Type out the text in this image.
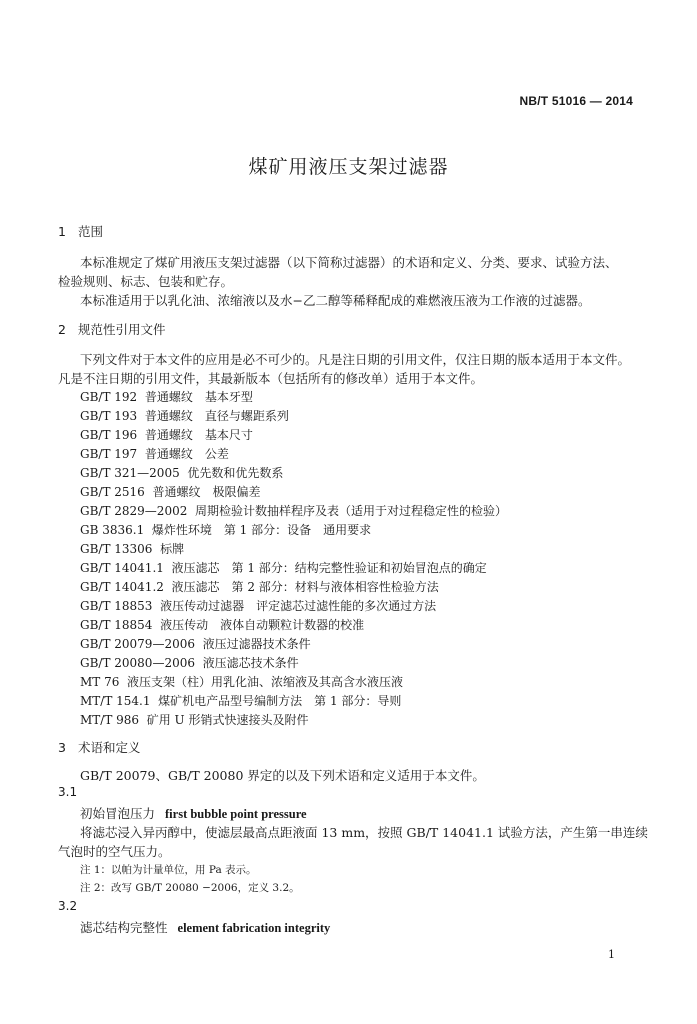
NB/T 51016 — 2014
煤矿用液压支架过滤器
1 范围
本标准规定了煤矿用液压支架过滤器（以下简称过滤器）的术语和定义、分类、要求、试验方法、
检验规则、标志、包装和贮存。
本标准适用于以乳化油、浓缩液以及水−乙二醇等稀释配成的难燃液压液为工作液的过滤器。
2 规范性引用文件
下列文件对于本文件的应用是必不可少的。凡是注日期的引用文件，仅注日期的版本适用于本文件。
凡是不注日期的引用文件，其最新版本（包括所有的修改单）适用于本文件。
GB/T 192 普通螺纹　基本牙型
GB/T 193 普通螺纹　直径与螺距系列
GB/T 196 普通螺纹　基本尺寸
GB/T 197 普通螺纹　公差
GB/T 321—2005 优先数和优先数系
GB/T 2516 普通螺纹　极限偏差
GB/T 2829—2002 周期检验计数抽样程序及表（适用于对过程稳定性的检验）
GB 3836.1 爆炸性环境　第 1 部分：设备　通用要求
GB/T 13306 标牌
GB/T 14041.1 液压滤芯　第 1 部分：结构完整性验证和初始冒泡点的确定
GB/T 14041.2 液压滤芯　第 2 部分：材料与液体相容性检验方法
GB/T 18853 液压传动过滤器　评定滤芯过滤性能的多次通过方法
GB/T 18854 液压传动　液体自动颗粒计数器的校准
GB/T 20079—2006 液压过滤器技术条件
GB/T 20080—2006 液压滤芯技术条件
MT 76 液压支架（柱）用乳化油、浓缩液及其高含水液压液
MT/T 154.1 煤矿机电产品型号编制方法　第 1 部分：导则
MT/T 986 矿用 U 形销式快速接头及附件
3 术语和定义
GB/T 20079、GB/T 20080 界定的以及下列术语和定义适用于本文件。
3.1
初始冒泡压力 first bubble point pressure
将滤芯浸入异丙醇中，使滤层最高点距液面 13 mm，按照 GB/T 14041.1 试验方法，产生第一串连续
气泡时的空气压力。
注 1：以帕为计量单位，用 Pa 表示。
注 2：改写 GB/T 20080 −2006，定义 3.2。
3.2
滤芯结构完整性 element fabrication integrity
1
